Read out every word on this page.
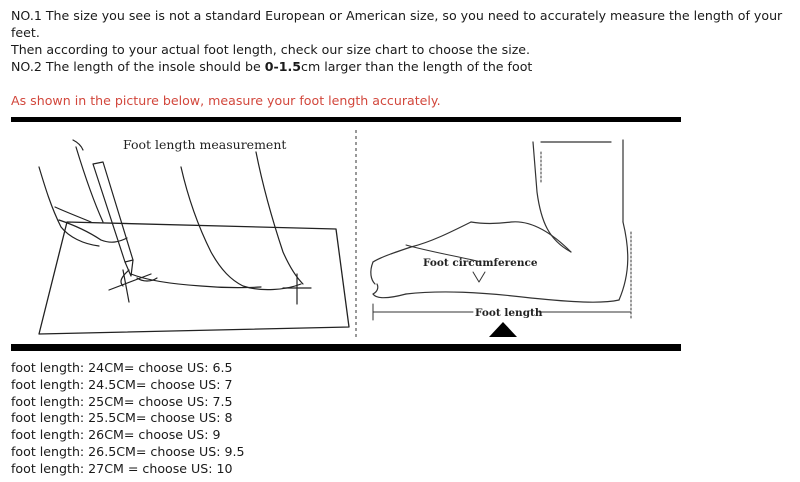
NO.1 The size you see is not a standard European or American size, so you need to accurately measure the length of your feet.

Then according to your actual foot length, check our size chart to choose the size.

NO.2 The length of the insole should be 0-1.5cm larger than the length of the foot

As shown in the picture below, measure your foot length accurately.

Foot length measurement
Foot circumference
Foot length
foot length: 24CM= choose US: 6.5
foot length: 24.5CM= choose US: 7
foot length: 25CM= choose US: 7.5
foot length: 25.5CM= choose US: 8
foot length: 26CM= choose US: 9
foot length: 26.5CM= choose US: 9.5
foot length: 27CM = choose US: 10
